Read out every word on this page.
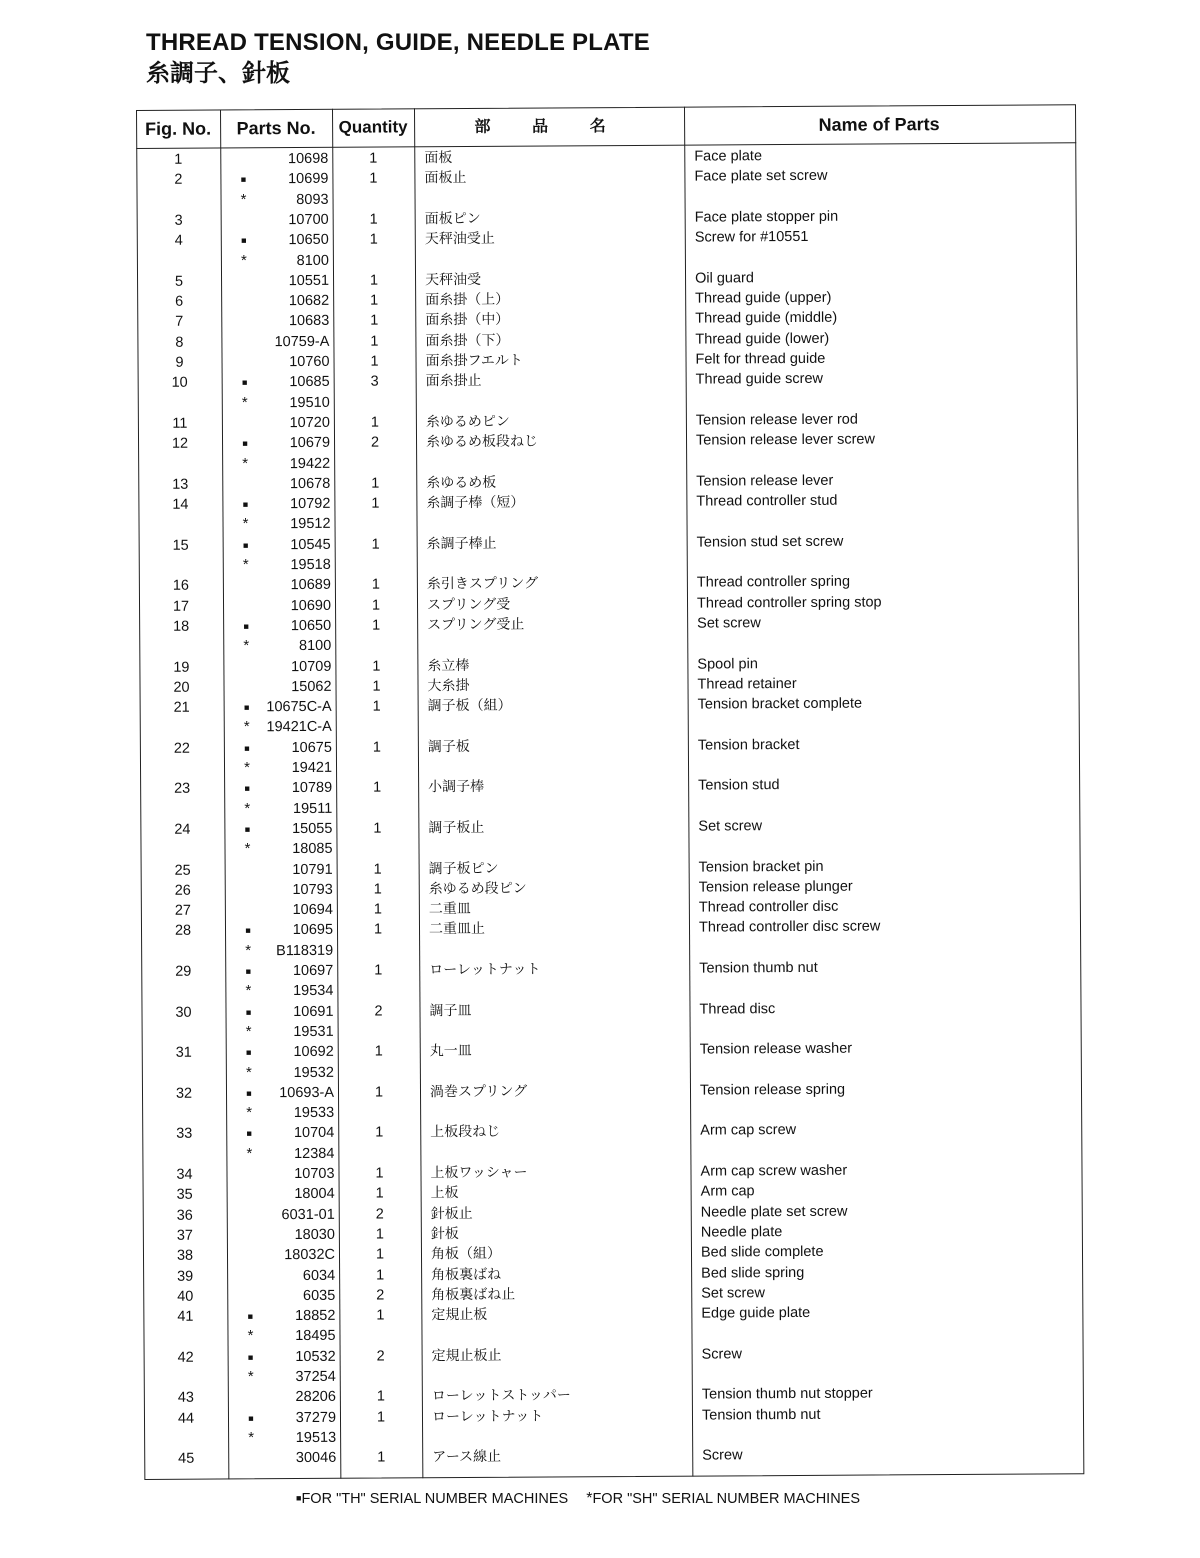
THREAD TENSION, GUIDE, NEEDLE PLATE
糸調子、針板
Fig. No.	Parts No.	Quantity	部 品 名	Name of Parts
1	10698	1	面板	Face plate
2	■	10699	1	面板止	Face plate set screw
*	8093
3	10700	1	面板ピン	Face plate stopper pin
4	■	10650	1	天秤油受止	Screw for #10551
*	8100
5	10551	1	天秤油受	Oil guard
6	10682	1	面糸掛（上）	Thread guide (upper)
7	10683	1	面糸掛（中）	Thread guide (middle)
8	10759-A	1	面糸掛（下）	Thread guide (lower)
9	10760	1	面糸掛フエルト	Felt for thread guide
10	■	10685	3	面糸掛止	Thread guide screw
*	19510
11	10720	1	糸ゆるめピン	Tension release lever rod
12	■	10679	2	糸ゆるめ板段ねじ	Tension release lever screw
*	19422
13	10678	1	糸ゆるめ板	Tension release lever
14	■	10792	1	糸調子棒（短）	Thread controller stud
*	19512
15	■	10545	1	糸調子棒止	Tension stud set screw
*	19518
16	10689	1	糸引きスプリング	Thread controller spring
17	10690	1	スプリング受	Thread controller spring stop
18	■	10650	1	スプリング受止	Set screw
*	8100
19	10709	1	糸立棒	Spool pin
20	15062	1	大糸掛	Thread retainer
21	■	10675C-A	1	調子板（組）	Tension bracket complete
*	19421C-A
22	■	10675	1	調子板	Tension bracket
*	19421
23	■	10789	1	小調子棒	Tension stud
*	19511
24	■	15055	1	調子板止	Set screw
*	18085
25	10791	1	調子板ピン	Tension bracket pin
26	10793	1	糸ゆるめ段ピン	Tension release plunger
27	10694	1	二重皿	Thread controller disc
28	■	10695	1	二重皿止	Thread controller disc screw
*	B118319
29	■	10697	1	ローレットナット	Tension thumb nut
*	19534
30	■	10691	2	調子皿	Thread disc
*	19531
31	■	10692	1	丸一皿	Tension release washer
*	19532
32	■	10693-A	1	渦巻スプリング	Tension release spring
*	19533
33	■	10704	1	上板段ねじ	Arm cap screw
*	12384
34	10703	1	上板ワッシャー	Arm cap screw washer
35	18004	1	上板	Arm cap
36	6031-01	2	針板止	Needle plate set screw
37	18030	1	針板	Needle plate
38	18032C	1	角板（組）	Bed slide complete
39	6034	1	角板裏ばね	Bed slide spring
40	6035	2	角板裏ばね止	Set screw
41	■	18852	1	定規止板	Edge guide plate
*	18495
42	■	10532	2	定規止板止	Screw
*	37254
43	28206	1	ローレットストッパー	Tension thumb nut stopper
44	■	37279	1	ローレットナット	Tension thumb nut
*	19513
45	30046	1	アース線止	Screw
■FOR "TH" SERIAL NUMBER MACHINES *FOR "SH" SERIAL NUMBER MACHINES
